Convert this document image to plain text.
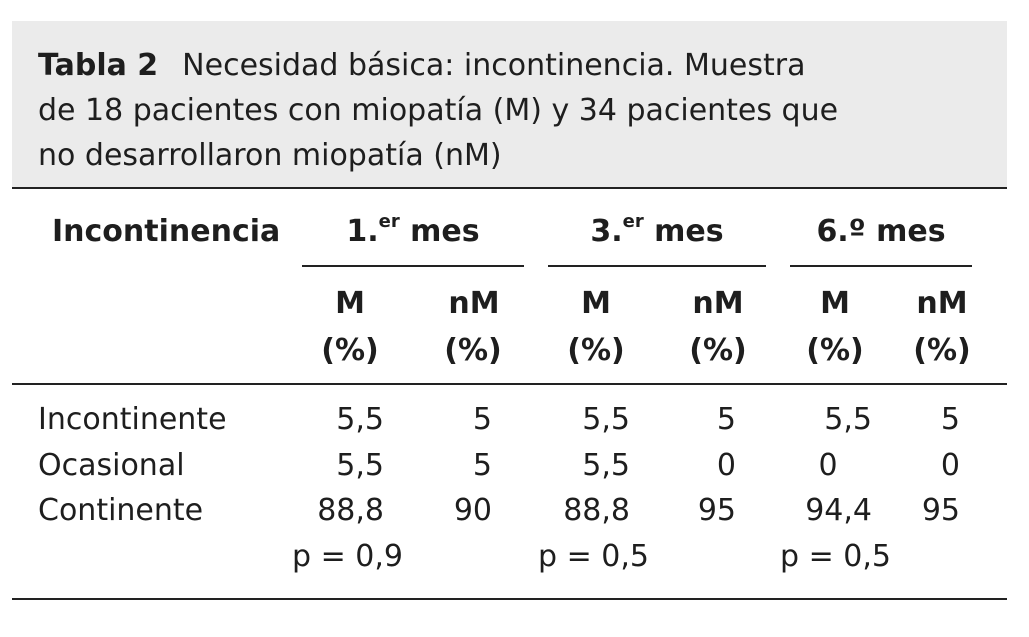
Tabla 2 Necesidad básica: incontinencia. Muestra
de 18 pacientes con miopatía (M) y 34 pacientes que
no desarrollaron miopatía (nM)
Incontinencia	1.$^{er}$ mes	3.$^{er}$ mes	6.º mes
M	nM	M	nM	M	nM
(%) (%) (%) (%) (%) (%)
Incontinente	5,5	5	5,5	5	5,5	5
Ocasional	5,5	5	5,5	0	0	0
Continente	88,8	90	88,8	95	94,4	95
p = 0,9	p = 0,5	p = 0,5
